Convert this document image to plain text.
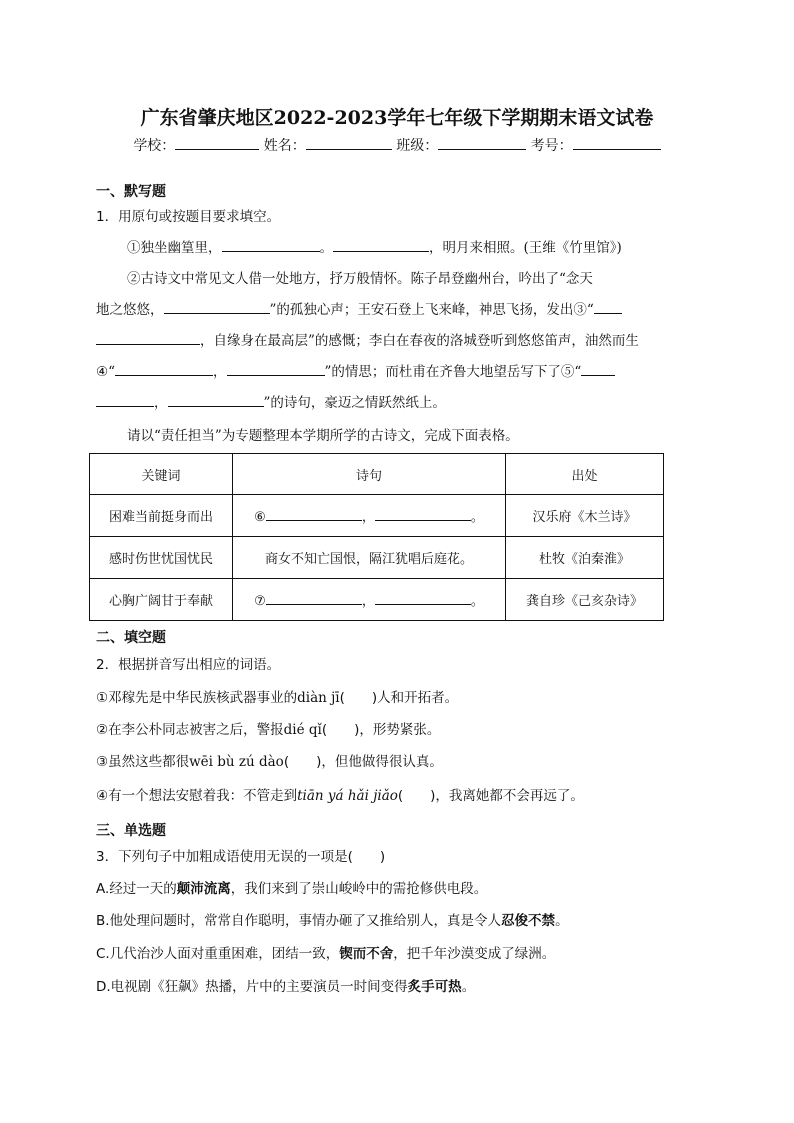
广东省肇庆地区2022-2023学年七年级下学期期末语文试卷
学校：	姓名：	班级：	考号：
一、默写题
1．用原句或按题目要求填空。
①独坐幽篁里，	。	，明月来相照。(王维《竹里馆》)
②古诗文中常见文人借一处地方，抒万般情怀。陈子昂登幽州台，吟出了“念天
地之悠悠，	”的孤独心声；王安石登上飞来峰，神思飞扬，发出③“
，自缘身在最高层”的感慨；李白在春夜的洛城登听到悠悠笛声，油然而生
④“	，	”的情思；而杜甫在齐鲁大地望岳写下了⑤“
，	”的诗句，豪迈之情跃然纸上。
请以“责任担当”为专题整理本学期所学的古诗文，完成下面表格。
关键词	诗句	出处
困难当前挺身而出	⑥ ， 。	汉乐府《木兰诗》
感时伤世忧国忧民	商女不知亡国恨，隔江犹唱后庭花。	杜牧《泊秦淮》
心胸广阔甘于奉献	⑦ ， 。	龚自珍《己亥杂诗》
二、填空题
2．根据拼音写出相应的词语。
①邓稼先是中华民族核武器事业的diàn jī(　　)人和开拓者。
②在李公朴同志被害之后，警报dié qǐ(　　)，形势紧张。
③虽然这些都很wēi bù zú dào(　　)，但他做得很认真。
④有一个想法安慰着我：不管走到tiān yá hǎi jiǎo(　　)，我离她都不会再远了。
三、单选题
3．下列句子中加粗成语使用无误的一项是(　　)
A.经过一天的颠沛流离，我们来到了崇山峻岭中的需抢修供电段。
B.他处理问题时，常常自作聪明，事情办砸了又推给别人，真是令人忍俊不禁。
C.几代治沙人面对重重困难，团结一致，锲而不舍，把千年沙漠变成了绿洲。
D.电视剧《狂飙》热播，片中的主要演员一时间变得炙手可热。
